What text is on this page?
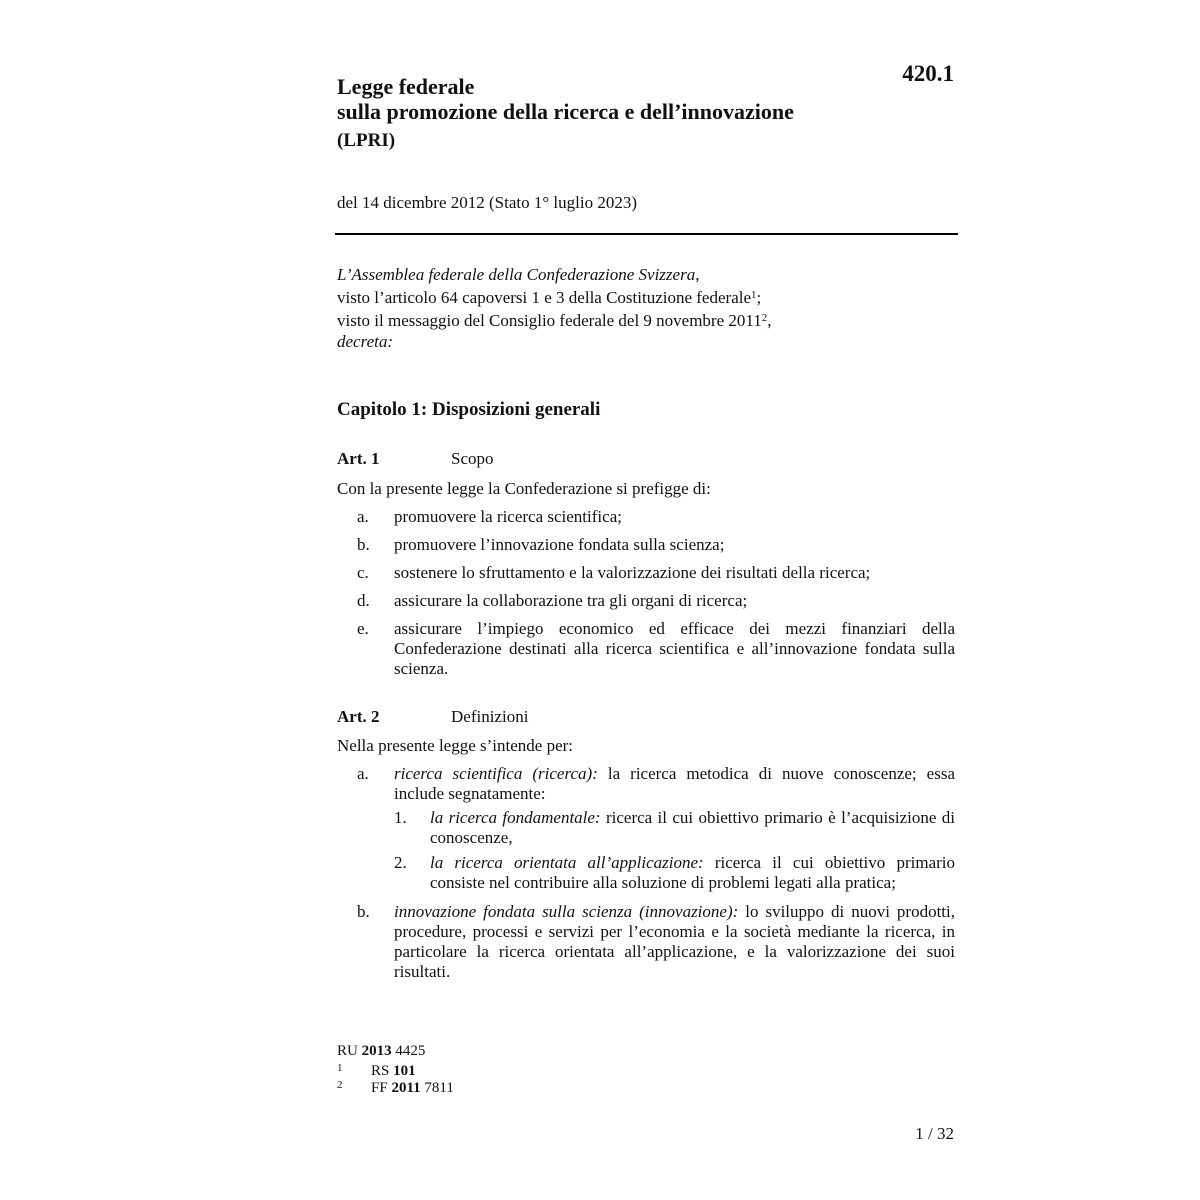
420.1
Legge federale
sulla promozione della ricerca e dell’innovazione
(LPRI)
del 14 dicembre 2012 (Stato 1° luglio 2023)
L’Assemblea federale della Confederazione Svizzera,
visto l’articolo 64 capoversi 1 e 3 della Costituzione federale$^1$;
visto il messaggio del Consiglio federale del 9 novembre 2011$^2$,
decreta:
Capitolo 1: Disposizioni generali
Art. 1	Scopo
Con la presente legge la Confederazione si prefigge di:
a. promuovere la ricerca scientifica;
b. promuovere l’innovazione fondata sulla scienza;
c. sostenere lo sfruttamento e la valorizzazione dei risultati della ricerca;
d. assicurare la collaborazione tra gli organi di ricerca;
e. assicurare l’impiego economico ed efficace dei mezzi finanziari della Confederazione destinati alla ricerca scientifica e all’innovazione fondata sulla scienza.
Art. 2	Definizioni
Nella presente legge s’intende per:
a. ricerca scientifica (ricerca): la ricerca metodica di nuove conoscenze; essa include segnatamente:
1. la ricerca fondamentale: ricerca il cui obiettivo primario è l’acquisizione di conoscenze,
2. la ricerca orientata all’applicazione: ricerca il cui obiettivo primario consiste nel contribuire alla soluzione di problemi legati alla pratica;
b. innovazione fondata sulla scienza (innovazione): lo sviluppo di nuovi prodotti, procedure, processi e servizi per l’economia e la società mediante la ricerca, in particolare la ricerca orientata all’applicazione, e la valorizzazione dei suoi risultati.
RU 2013 4425
1 RS 101
2 FF 2011 7811
1 / 32
